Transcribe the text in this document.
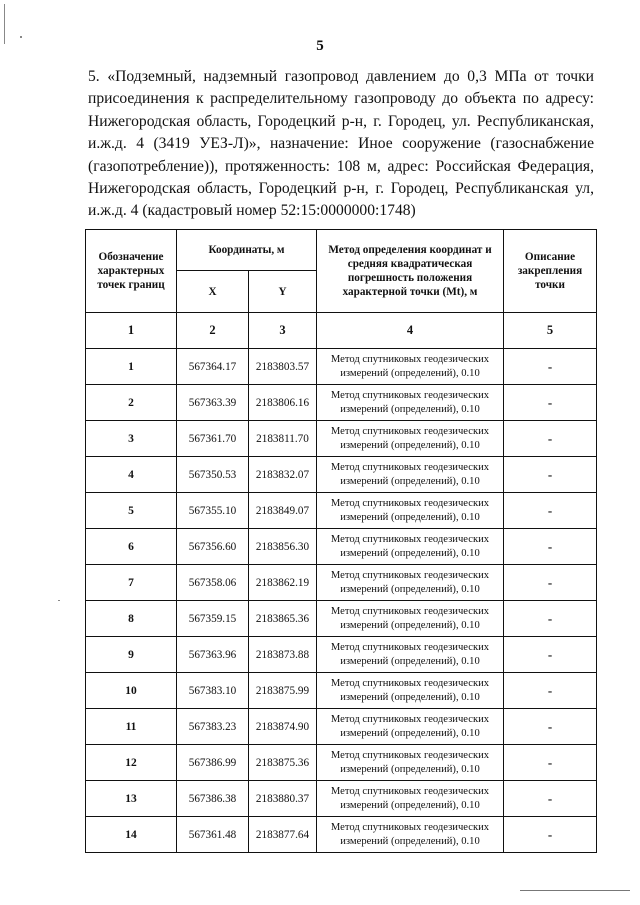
5
5. «Подземный, надземный газопровод давлением до 0,3 МПа от точки присоединения к распределительному газопроводу до объекта по адресу: Нижегородская область, Городецкий р-н, г. Городец, ул. Республиканская, и.ж.д. 4 (3419 УЕЗ-Л)», назначение: Иное сооружение (газоснабжение (газопотребление)), протяженность: 108 м, адрес: Российская Федерация, Нижегородская область, Городецкий р-н, г. Городец, Республиканская ул, и.ж.д. 4 (кадастровый номер 52:15:0000000:1748)
Обозначение характерных точек границ	Координаты, м		Метод определения координат и средняя квадратическая погрешность положения характерной точки (Mt), м	Описание закрепления точки
	X	Y		
1	2	3	4	5
1	567364.17	2183803.57	Метод спутниковых геодезических измерений (определений), 0.10	-
2	567363.39	2183806.16	Метод спутниковых геодезических измерений (определений), 0.10	-
3	567361.70	2183811.70	Метод спутниковых геодезических измерений (определений), 0.10	-
4	567350.53	2183832.07	Метод спутниковых геодезических измерений (определений), 0.10	-
5	567355.10	2183849.07	Метод спутниковых геодезических измерений (определений), 0.10	-
6	567356.60	2183856.30	Метод спутниковых геодезических измерений (определений), 0.10	-
7	567358.06	2183862.19	Метод спутниковых геодезических измерений (определений), 0.10	-
8	567359.15	2183865.36	Метод спутниковых геодезических измерений (определений), 0.10	-
9	567363.96	2183873.88	Метод спутниковых геодезических измерений (определений), 0.10	-
10	567383.10	2183875.99	Метод спутниковых геодезических измерений (определений), 0.10	-
11	567383.23	2183874.90	Метод спутниковых геодезических измерений (определений), 0.10	-
12	567386.99	2183875.36	Метод спутниковых геодезических измерений (определений), 0.10	-
13	567386.38	2183880.37	Метод спутниковых геодезических измерений (определений), 0.10	-
14	567361.48	2183877.64	Метод спутниковых геодезических измерений (определений), 0.10	-
